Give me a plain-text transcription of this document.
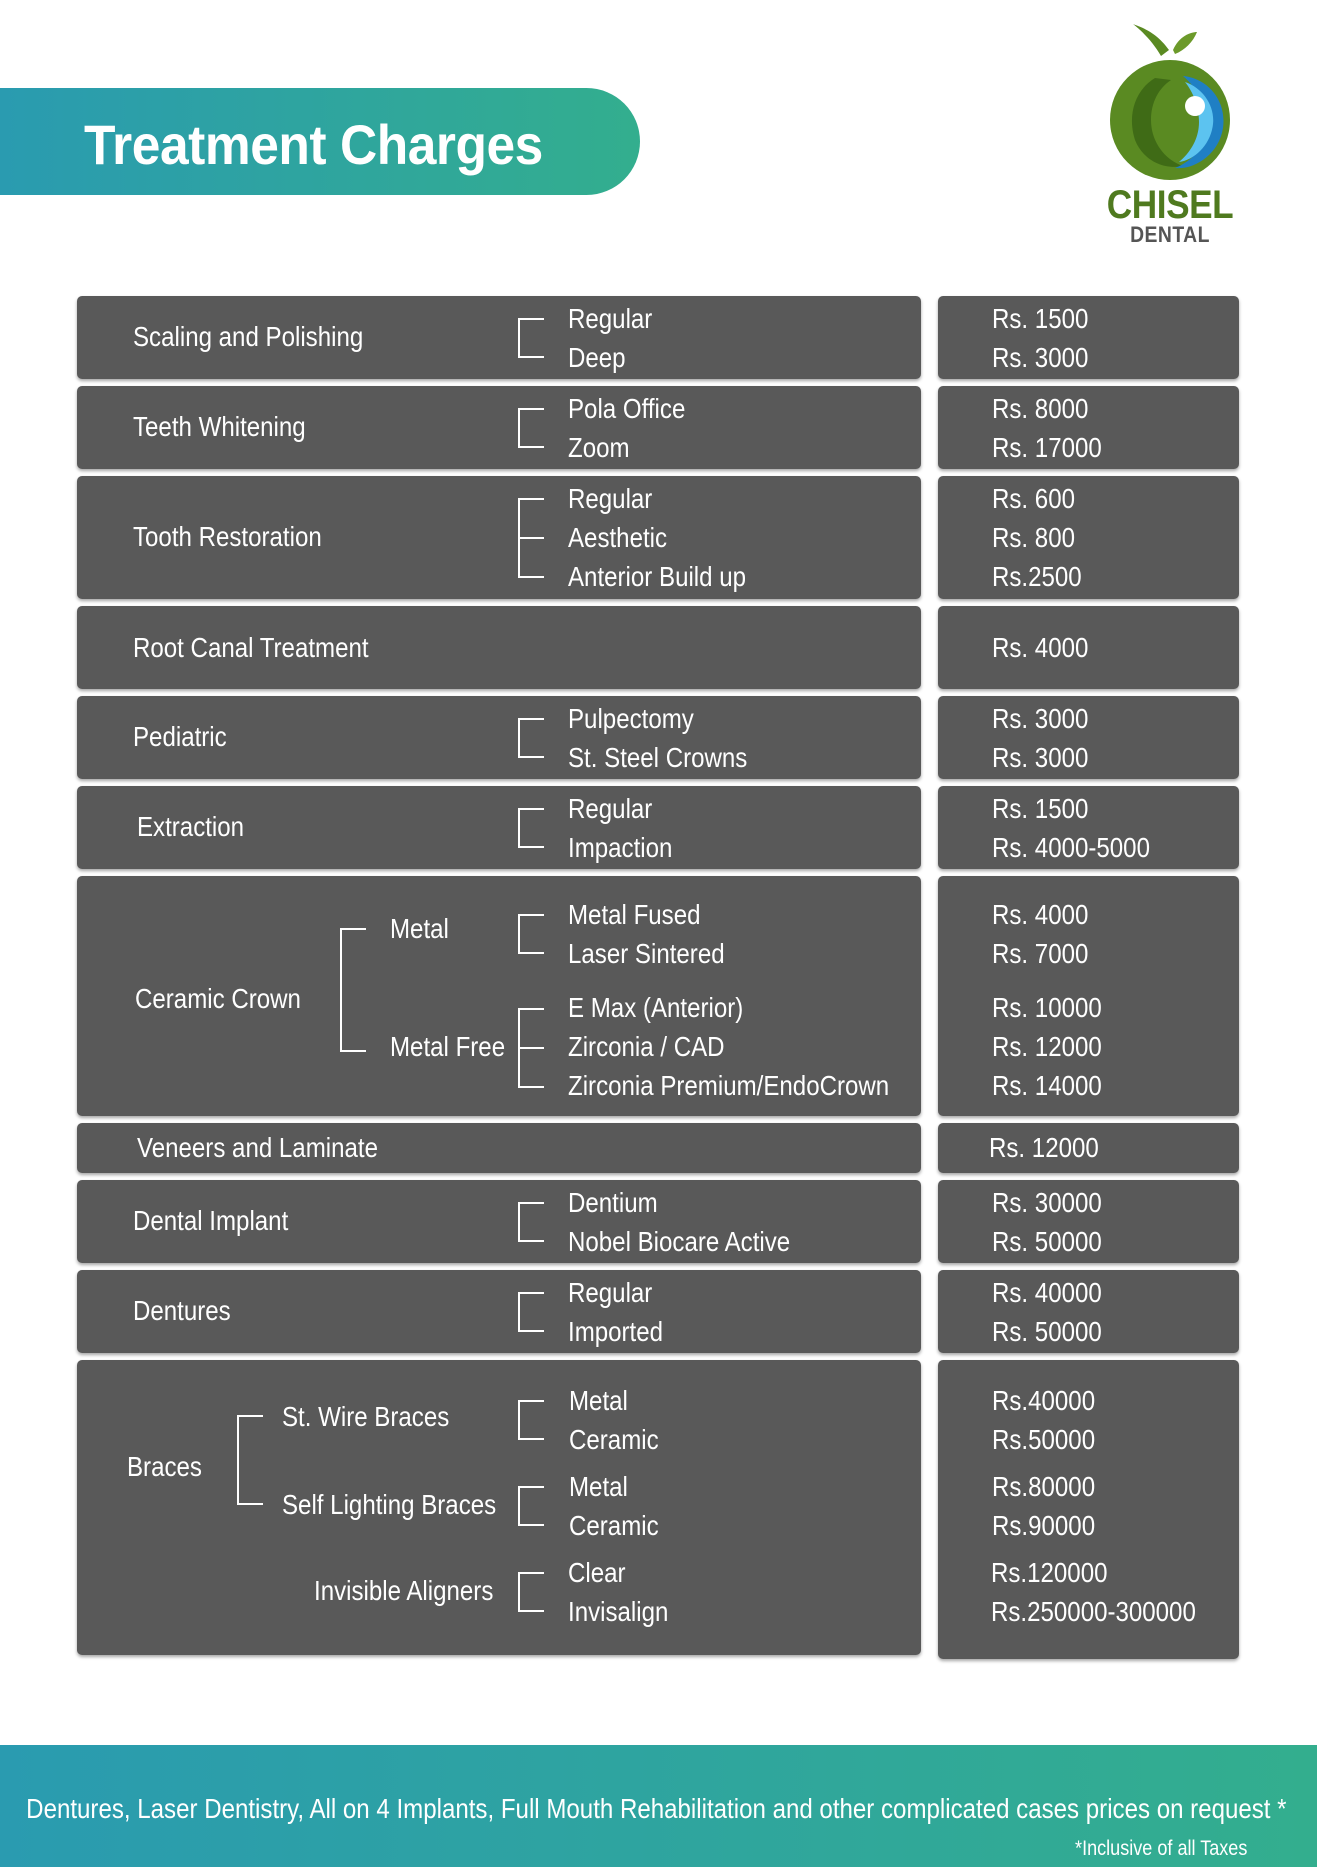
Treatment Charges
CHISEL
DENTAL
Scaling and Polishing
Regular
Deep
Rs. 1500
Rs. 3000
Teeth Whitening
Pola Office
Zoom
Rs. 8000
Rs. 17000
Tooth Restoration
Regular
Aesthetic
Anterior Build up
Rs. 600
Rs. 800
Rs.2500
Root Canal Treatment	Rs. 4000
Pediatric
Pulpectomy
St. Steel Crowns
Rs. 3000
Rs. 3000
Extraction
Regular
Impaction
Rs. 1500
Rs. 4000-5000
Ceramic Crown
Metal
Metal Free
Metal Fused
Laser Sintered
E Max (Anterior)
Zirconia / CAD
Zirconia Premium/EndoCrown
Rs. 4000
Rs. 7000
Rs. 10000
Rs. 12000
Rs. 14000
Veneers and Laminate	Rs. 12000
Dental Implant
Dentium
Nobel Biocare Active
Rs. 30000
Rs. 50000
Dentures
Regular
Imported
Rs. 40000
Rs. 50000
Braces
St. Wire Braces
Self Lighting Braces
Invisible Aligners
Metal
Ceramic
Metal
Ceramic
Clear
Invisalign
Rs.40000
Rs.50000
Rs.80000
Rs.90000
Rs.120000
Rs.250000-300000
Dentures, Laser Dentistry, All on 4 Implants, Full Mouth Rehabilitation and other complicated cases prices on request *
*Inclusive of all Taxes
